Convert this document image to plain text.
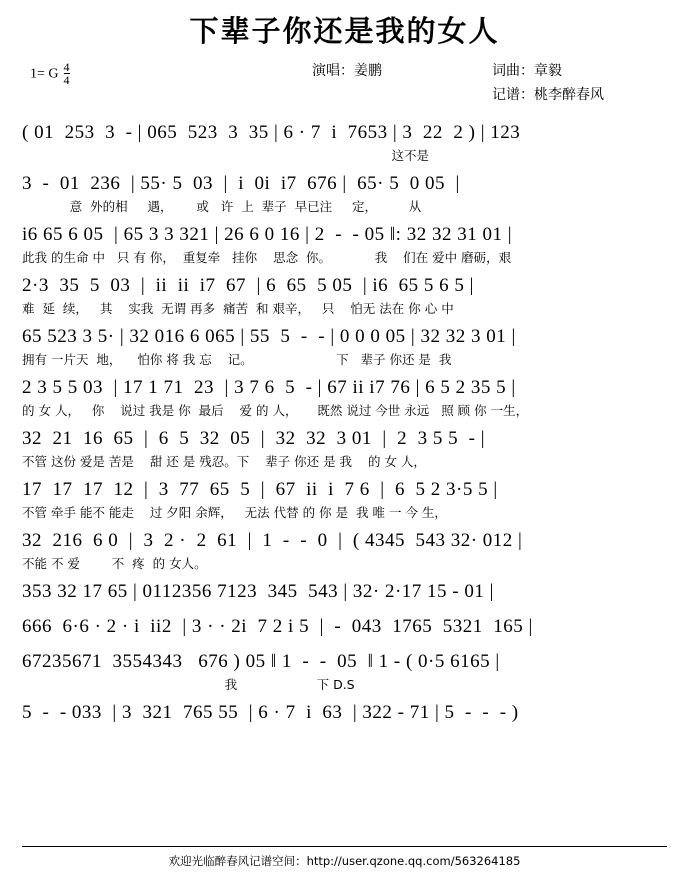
下辈子你还是我的女人
1= G $\frac{4}{4}$	演唱：姜鹏	词曲：章毅
记谱：桃李醉春风
( 01  253  3  - | 065  523  3  35 | 6 · 7  i  7653 | 3  22  2 ) | 123
这不是
3  -  01  236  | 55· 5  03  |  i  0i  i7  676 |  65· 5  0 05  |
意  外的相     遇，      或   许  上  辈子  早已注     定，        从
i6 65 6 05  | 65 3 3 321 | 26 6 0 16 | 2  -  - 05 ‖: 32 32 31 01 |
此我 的生命 中   只 有 你，  重复牵   挂你    思念  你。           我    们在 爱中 磨砺，艰
2·3  35  5  03  |  ii  ii  i7  67  | 6  65  5 05  | i6  65 5 6 5 |
难  延  续，   其    实我  无谓 再多  痛苦  和 艰辛，   只    怕无 法在 你 心 中
65 523 3 5· | 32 016 6 065 | 55  5  -  - | 0 0 0 05 | 32 32 3 01 |
拥有 一片天  地，    怕你 将 我 忘    记。                     下   辈子 你还 是  我
2 3 5 5 03  | 17 1 71  23  | 3 7 6  5  - | 67 ii i7 76 | 6 5 2 35 5 |
的 女 人，   你    说过 我是 你  最后    爱 的 人，     既然 说过 今世 永远   照 顾 你 一生，
32  21  16  65  |  6  5  32  05  |  32  32  3 01  |  2  3 5 5  - |
不管 这份 爱是 苦是    甜 还 是 残忍。下    辈子 你还 是 我    的 女 人，
17  17  17  12  |  3  77  65  5  |  67  ii  i  7 6  |  6  5 2 3·5 5 |
不管 牵手 能不 能走    过 夕阳 余辉，   无法 代替 的 你 是  我 唯 一 今 生，
32  216  6 0  |  3  2 ·  2  61  |  1  -  -  0  |  ( 4345  543 32· 012 |
不能 不 爱        不  疼  的 女人。
353 32 17 65 | 0112356 7123  345  543 | 32· 2·17 15 - 01 |
666  6·6 · 2 · i  ii2  | 3 · · 2i  7 2 i 5  |  -  043  1765  5321  165 |
67235671  3554343   676 ) 05 ‖ 1  -  -  05  ‖ 1 - ( 0·5 6165 |
我                    下 D.S
5  -  - 033  | 3  321  765 55  | 6 · 7  i  63  | 322 - 71 | 5  -  -  - )
欢迎光临醉春风记谱空间：http://user.qzone.qq.com/563264185
